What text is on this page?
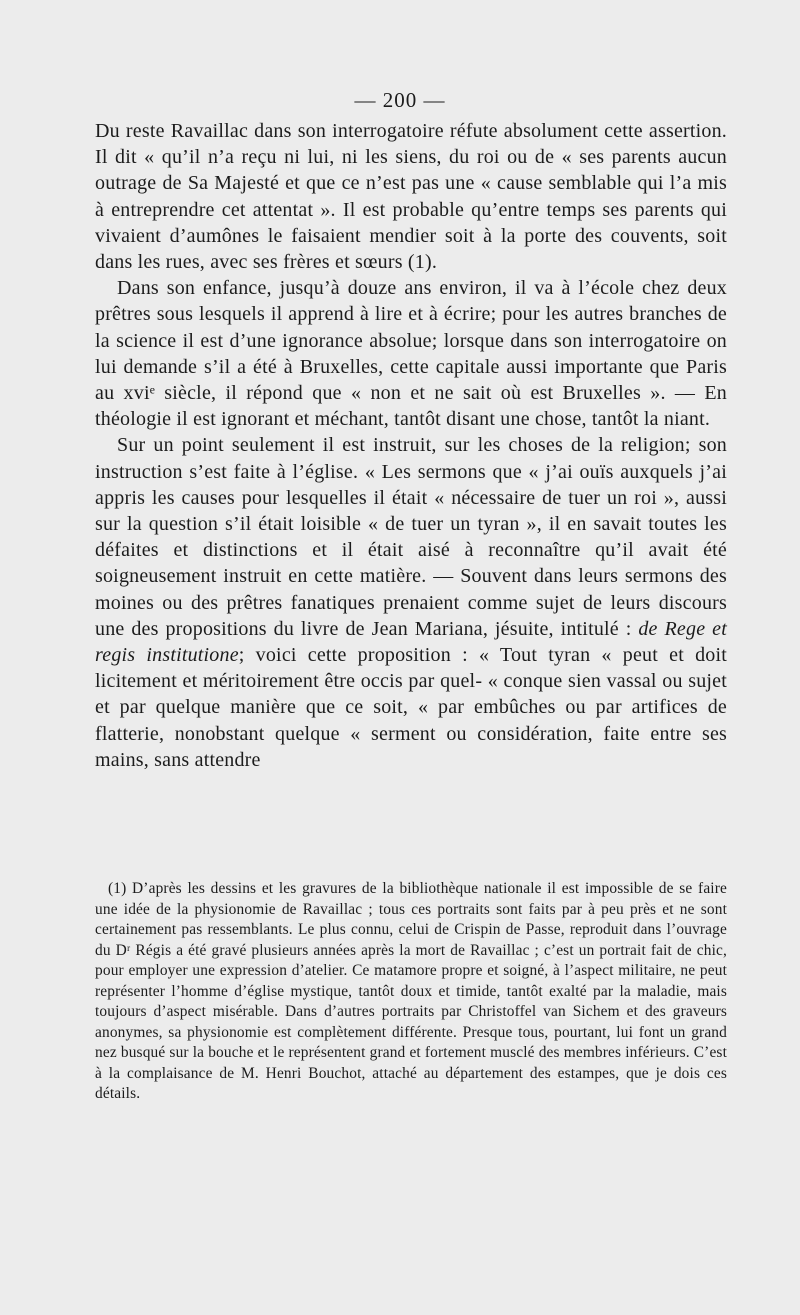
— 200 —

Du reste Ravaillac dans son interrogatoire réfute absolument cette assertion. Il dit « qu’il n’a reçu ni lui, ni les siens, du roi ou de « ses parents aucun outrage de Sa Majesté et que ce n’est pas une « cause semblable qui l’a mis à entreprendre cet attentat ». Il est probable qu’entre temps ses parents qui vivaient d’aumônes le faisaient mendier soit à la porte des couvents, soit dans les rues, avec ses frères et sœurs (1).

Dans son enfance, jusqu’à douze ans environ, il va à l’école chez deux prêtres sous lesquels il apprend à lire et à écrire; pour les autres branches de la science il est d’une ignorance absolue; lorsque dans son interrogatoire on lui demande s’il a été à Bruxelles, cette capitale aussi importante que Paris au xviᵉ siècle, il répond que « non et ne sait où est Bruxelles ». — En théologie il est ignorant et méchant, tantôt disant une chose, tantôt la niant.

Sur un point seulement il est instruit, sur les choses de la religion; son instruction s’est faite à l’église. « Les sermons que « j’ai ouïs auxquels j’ai appris les causes pour lesquelles il était « nécessaire de tuer un roi », aussi sur la question s’il était loisible « de tuer un tyran », il en savait toutes les défaites et distinctions et il était aisé à reconnaître qu’il avait été soigneusement instruit en cette matière. — Souvent dans leurs sermons des moines ou des prêtres fanatiques prenaient comme sujet de leurs discours une des propositions du livre de Jean Mariana, jésuite, intitulé : de Rege et regis institutione; voici cette proposition : « Tout tyran « peut et doit licitement et méritoirement être occis par quel- « conque sien vassal ou sujet et par quelque manière que ce soit, « par embûches ou par artifices de flatterie, nonobstant quelque « serment ou considération, faite entre ses mains, sans attendre

(1) D’après les dessins et les gravures de la bibliothèque nationale il est impossible de se faire une idée de la physionomie de Ravaillac ; tous ces portraits sont faits par à peu près et ne sont certainement pas ressemblants. Le plus connu, celui de Crispin de Passe, reproduit dans l’ouvrage du Dʳ Régis a été gravé plusieurs années après la mort de Ravaillac ; c’est un portrait fait de chic, pour employer une expression d’atelier. Ce matamore propre et soigné, à l’aspect militaire, ne peut représenter l’homme d’église mystique, tantôt doux et timide, tantôt exalté par la maladie, mais toujours d’aspect misérable. Dans d’autres portraits par Christoffel van Sichem et des graveurs anonymes, sa physionomie est complètement différente. Presque tous, pourtant, lui font un grand nez busqué sur la bouche et le représentent grand et fortement musclé des membres inférieurs. C’est à la complaisance de M. Henri Bouchot, attaché au département des estampes, que je dois ces détails.
